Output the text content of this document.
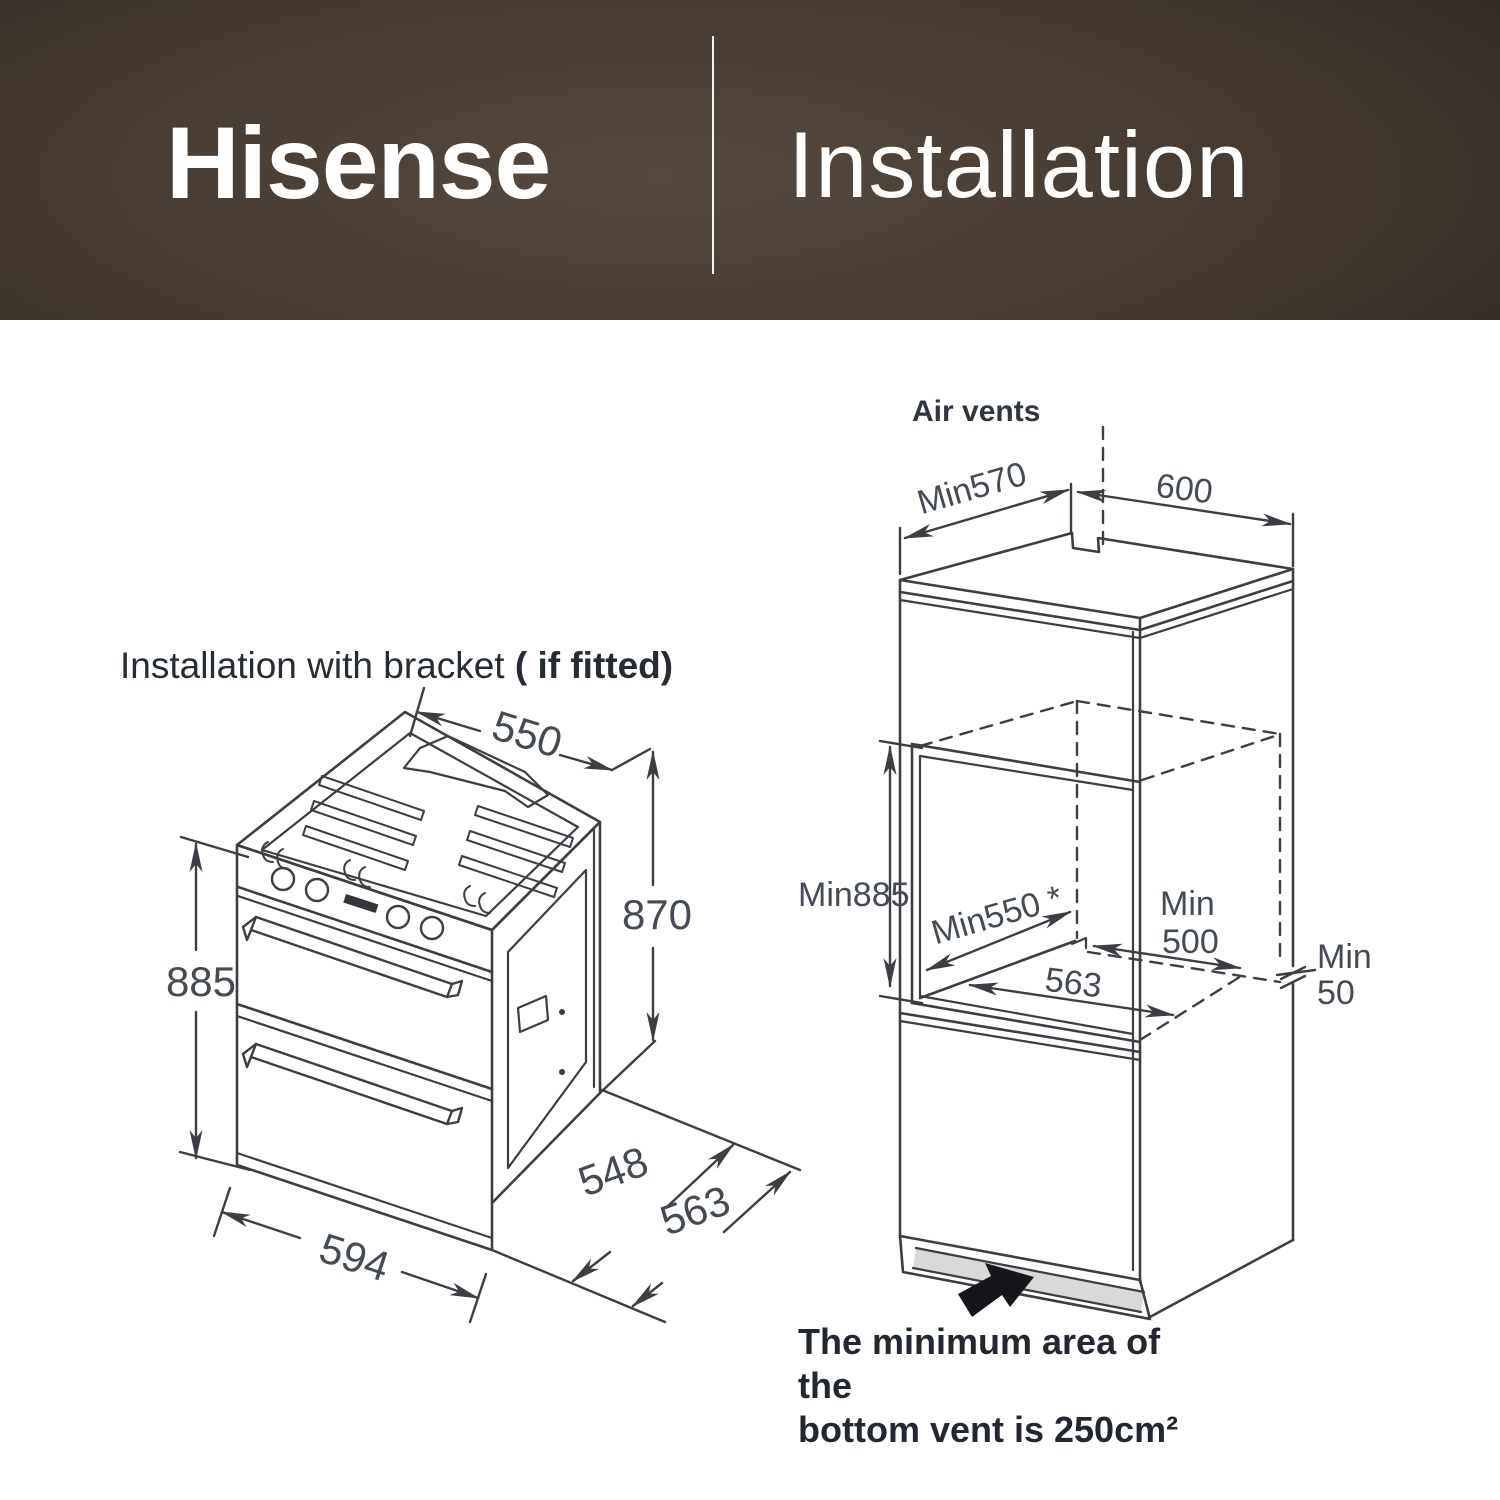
Hisense	Installation
Installation with bracket ( if fitted)
The minimum area of the
bottom vent is 250cm²
550
870
885
594
548
563
Air vents
Min570	600
Min885 Min550 *
563
Min
500	Min
50
